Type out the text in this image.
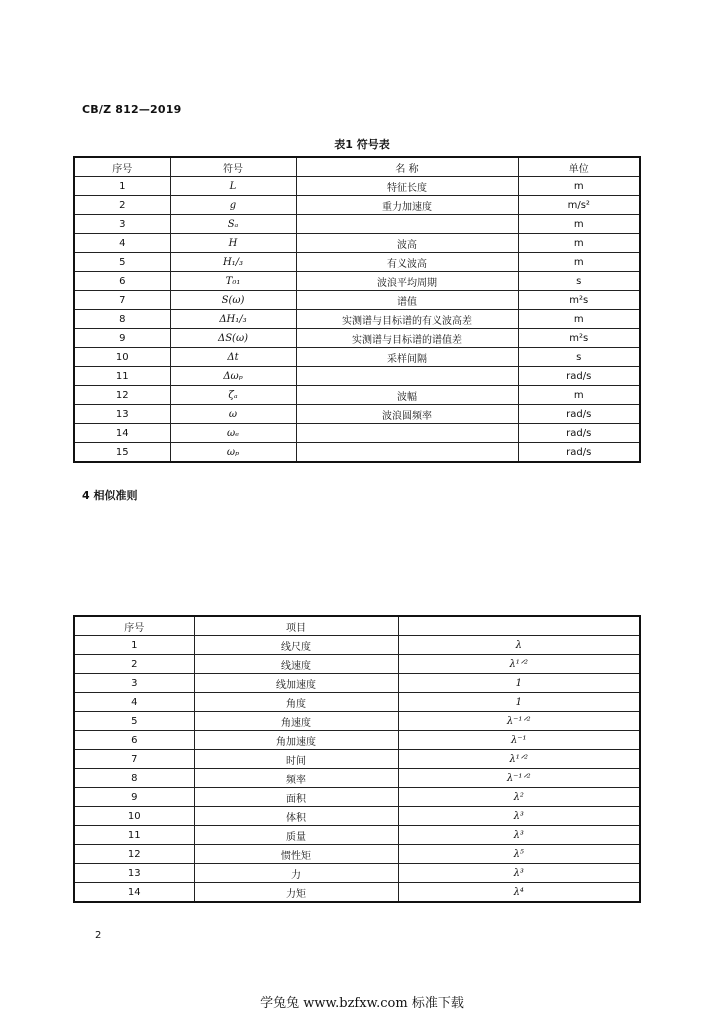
CB/Z 812—2019
表1 符号表
序号	符号	名 称	单位
1	L	特征长度	m
2	g	重力加速度	m/s²
3	Sₐ		m
4	H	波高	m
5	H₁/₃	有义波高	m
6	T₀₁	波浪平均周期	s
7	S(ω)	谱值	m²s
8	ΔH₁/₃	实测谱与目标谱的有义波高差	m
9	ΔS(ω)	实测谱与目标谱的谱值差	m²s
10	Δt	采样间隔	s
11	Δωₚ		rad/s
12	ζₐ	波幅	m
13	ω	波浪圆频率	rad/s
14	ωₑ		rad/s
15	ωₚ		rad/s
4 相似准则
序号	项目	
1	线尺度	λ
2	线速度	λ¹ᐟ²
3	线加速度	1
4	角度	1
5	角速度	λ⁻¹ᐟ²
6	角加速度	λ⁻¹
7	时间	λ¹ᐟ²
8	频率	λ⁻¹ᐟ²
9	面积	λ²
10	体积	λ³
11	质量	λ³
12	惯性矩	λ⁵
13	力	λ³
14	力矩	λ⁴
2
学兔兔 www.bzfxw.com 标准下载
